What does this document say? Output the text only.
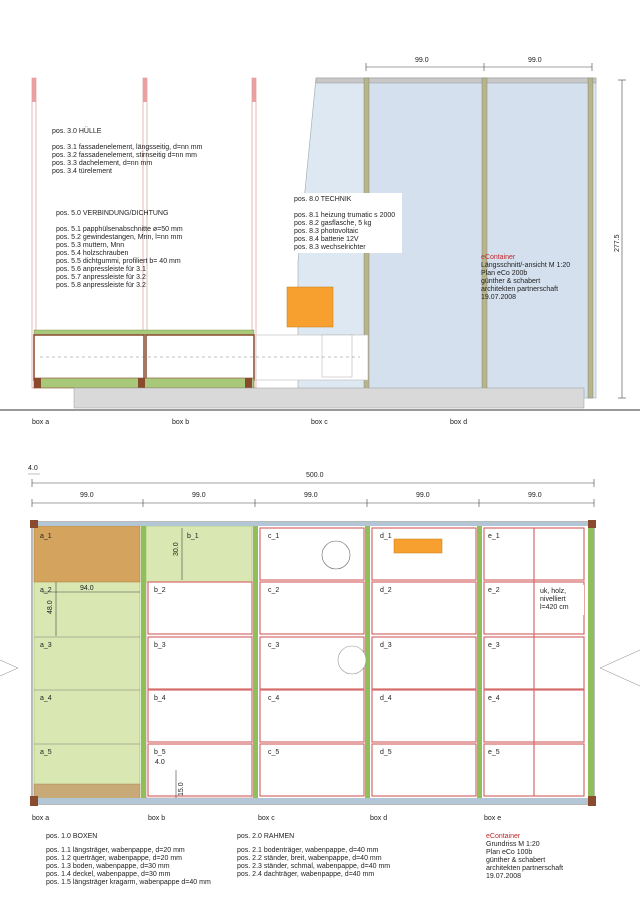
99.0	99.0
277.5
pos. 3.0 HÜLLE
pos. 3.1 fassadenelement, längsseitig, d=nn mm
pos. 3.2 fassadenelement, stirnseitig d=nn mm
pos. 3.3 dachelement, d=nn mm
pos. 3.4 türelement
pos. 5.0 VERBINDUNG/DICHTUNG
pos. 5.1 papphülsenabschnitte ø=50 mm
pos. 5.2 gewindestangen, Mnn, l=nn mm
pos. 5.3 muttern, Mnn
pos. 5.4 holzschrauben
pos. 5.5 dichtgummi, profiliert b= 40 mm
pos. 5.6 anpressleiste für 3.1
pos. 5.7 anpressleiste für 3.2
pos. 5.8 anpressleiste für 3.2
pos. 8.0 TECHNIK
pos. 8.1 heizung trumatic s 2000
pos. 8.2 gasflasche, 5 kg
pos. 8.3 photovoltaic
pos. 8.4 batterie 12V
pos. 8.3 wechselrichter
eContainer
Längsschnitt/-ansicht M 1:20
Plan eCo 200b
günther & schabert
architekten partnerschaft
19.07.2008
box a	box b	box c	box d
500.0
99.0	99.0	99.0	99.0	99.0
4.0
94.0
48.0
30.0
4.0
15.0
a_1
a_2
a_3
a_4
a_5
b_1
b_2
b_3
b_4
b_5
c_1
c_2
c_3
c_4
c_5
d_1
d_2
d_3
d_4
d_5
e_1
e_2
e_3
e_4
e_5
uk, holz,
nivelliert
l=420 cm
box a	box b	box c	box d	box e
pos. 1.0 BOXEN
pos. 1.1 längsträger, wabenpappe, d=20 mm
pos. 1.2 querträger, wabenpappe, d=20 mm
pos. 1.3 boden, wabenpappe, d=30 mm
pos. 1.4 deckel, wabenpappe, d=30 mm
pos. 1.5 längsträger kragarm, wabenpappe d=40 mm
pos. 2.0 RAHMEN
pos. 2.1 bodenträger, wabenpappe, d=40 mm
pos. 2.2 ständer, breit, wabenpappe, d=40 mm
pos. 2.3 ständer, schmal, wabenpappe, d=40 mm
pos. 2.4 dachträger, wabenpappe, d=40 mm
eContainer
Grundriss M 1:20
Plan eCo 100b
günther & schabert
architekten partnerschaft
19.07.2008
